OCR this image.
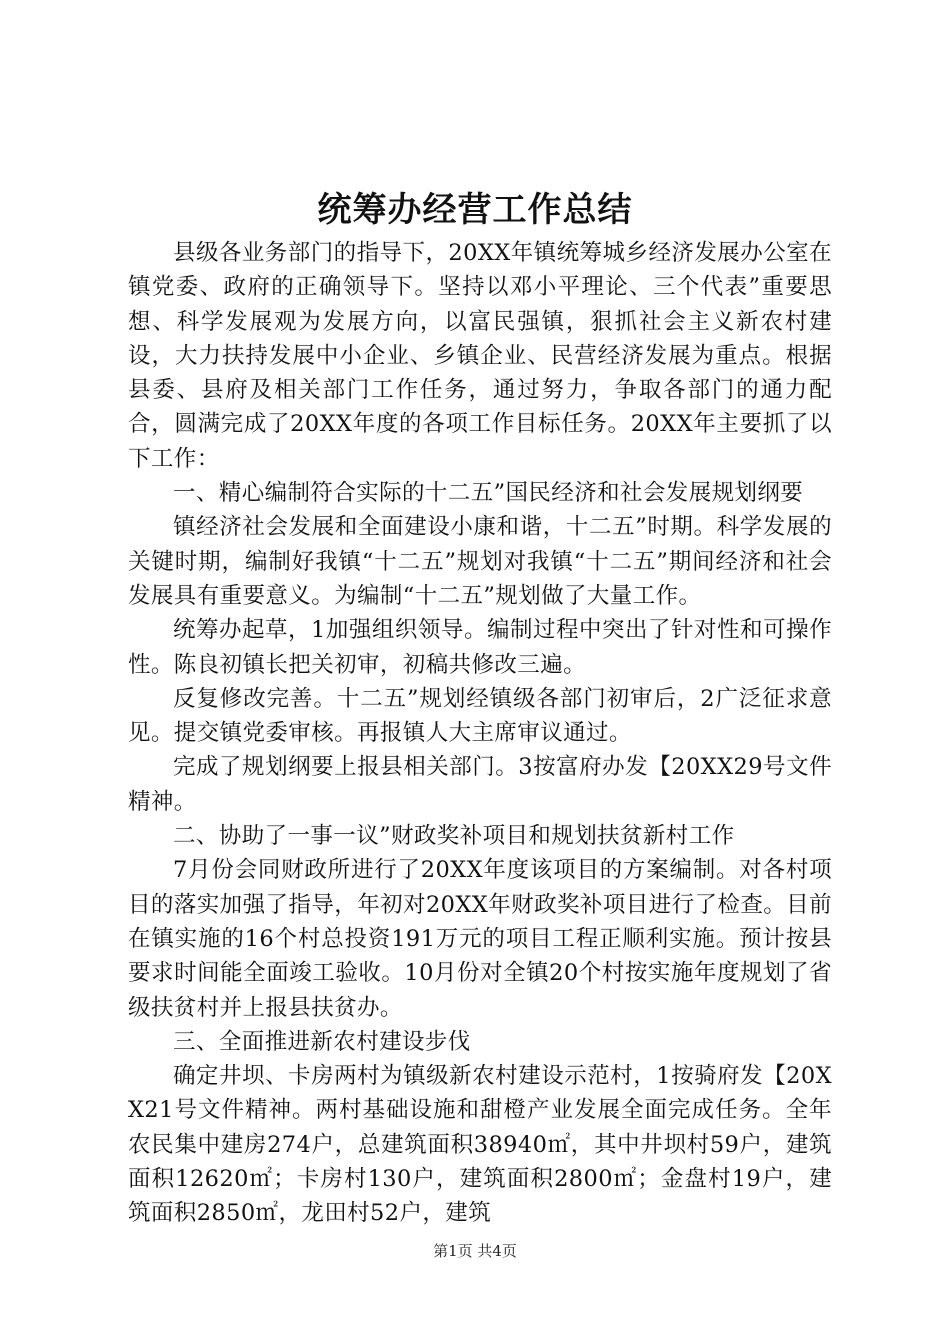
统筹办经营工作总结

县级各业务部门的指导下，20XX年镇统筹城乡经济发展办公室在镇党委、政府的正确领导下。坚持以邓小平理论、三个代表”重要思想、科学发展观为发展方向，以富民强镇，狠抓社会主义新农村建设，大力扶持发展中小企业、乡镇企业、民营经济发展为重点。根据县委、县府及相关部门工作任务，通过努力，争取各部门的通力配合，圆满完成了20XX年度的各项工作目标任务。20XX年主要抓了以下工作：

一、精心编制符合实际的十二五”国民经济和社会发展规划纲要

镇经济社会发展和全面建设小康和谐，十二五”时期。科学发展的关键时期，编制好我镇“十二五”规划对我镇“十二五”期间经济和社会发展具有重要意义。为编制“十二五”规划做了大量工作。

统筹办起草，1加强组织领导。编制过程中突出了针对性和可操作性。陈良初镇长把关初审，初稿共修改三遍。

反复修改完善。十二五”规划经镇级各部门初审后，2广泛征求意见。提交镇党委审核。再报镇人大主席审议通过。

完成了规划纲要上报县相关部门。3按富府办发【20XX29号文件精神。

二、协助了一事一议”财政奖补项目和规划扶贫新村工作

7月份会同财政所进行了20XX年度该项目的方案编制。对各村项目的落实加强了指导，年初对20XX年财政奖补项目进行了检查。目前在镇实施的16个村总投资191万元的项目工程正顺利实施。预计按县要求时间能全面竣工验收。10月份对全镇20个村按实施年度规划了省级扶贫村并上报县扶贫办。

三、全面推进新农村建设步伐

确定井坝、卡房两村为镇级新农村建设示范村，1按骑府发【20XX21号文件精神。两村基础设施和甜橙产业发展全面完成任务。全年农民集中建房274户，总建筑面积38940㎡，其中井坝村59户，建筑面积12620㎡；卡房村130户，建筑面积2800㎡；金盘村19户，建筑面积2850㎡，龙田村52户，建筑

第1页 共4页
